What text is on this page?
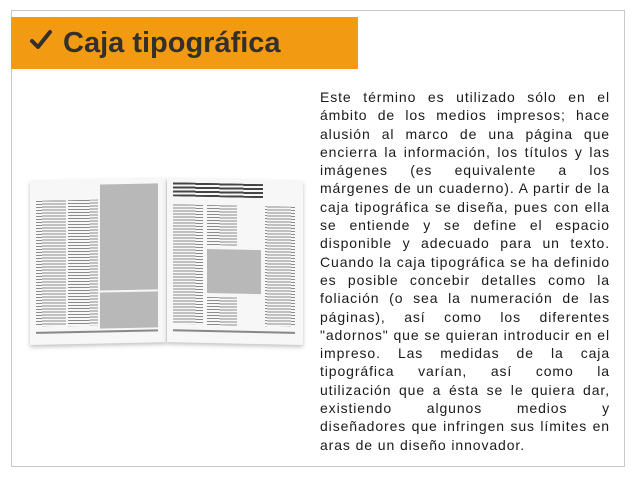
Caja tipográfica
Este término es utilizado sólo en el ámbito de los medios impresos; hace alusión al marco de una página que encierra la información, los títulos y las imágenes (es equivalente a los márgenes de un cuaderno). A partir de la caja tipográfica se diseña, pues con ella se entiende y se define el espacio disponible y adecuado para un texto. Cuando la caja tipográfica se ha definido es posible concebir detalles como la foliación (o sea la numeración de las páginas), así como los diferentes "adornos" que se quieran introducir en el impreso. Las medidas de la caja tipográfica varían, así como la utilización que a ésta se le quiera dar, existiendo algunos medios y diseñadores que infringen sus límites en aras de un diseño innovador.
